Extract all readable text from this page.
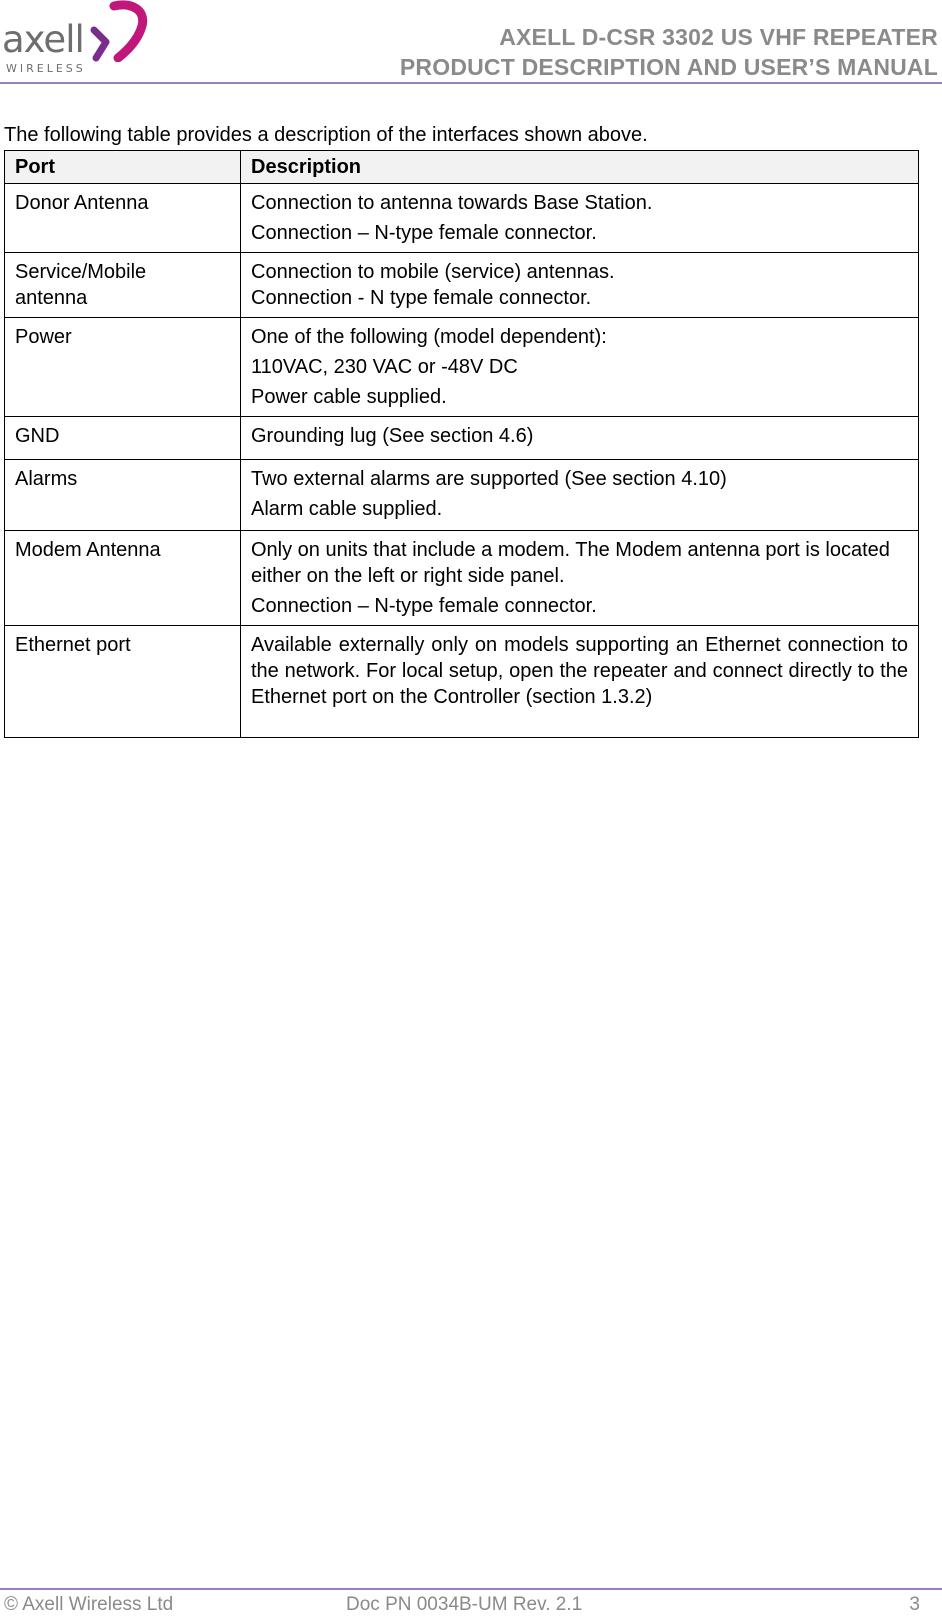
axell
WIRELESS
AXELL D-CSR 3302 US VHF REPEATER
PRODUCT DESCRIPTION AND USER’S MANUAL
The following table provides a description of the interfaces shown above.
Port	Description
Donor Antenna	Connection to antenna towards Base Station.

Connection – N-type female connector.

Service/Mobile antenna	Connection to mobile (service) antennas.

Connection - N type female connector.

Power	One of the following (model dependent):

110VAC, 230 VAC or -48V DC

Power cable supplied.

GND	Grounding lug (See section 4.6)

Alarms	Two external alarms are supported (See section 4.10)

Alarm cable supplied.

Modem Antenna	Only on units that include a modem. The Modem antenna port is located either on the left or right side panel.

Connection – N-type female connector.

Ethernet port	Available externally only on models supporting an Ethernet connection to the network. For local setup, open the repeater and connect directly to the Ethernet port on the Controller (section 1.3.2)

© Axell Wireless Ltd	Doc PN 0034B-UM Rev. 2.1	3
